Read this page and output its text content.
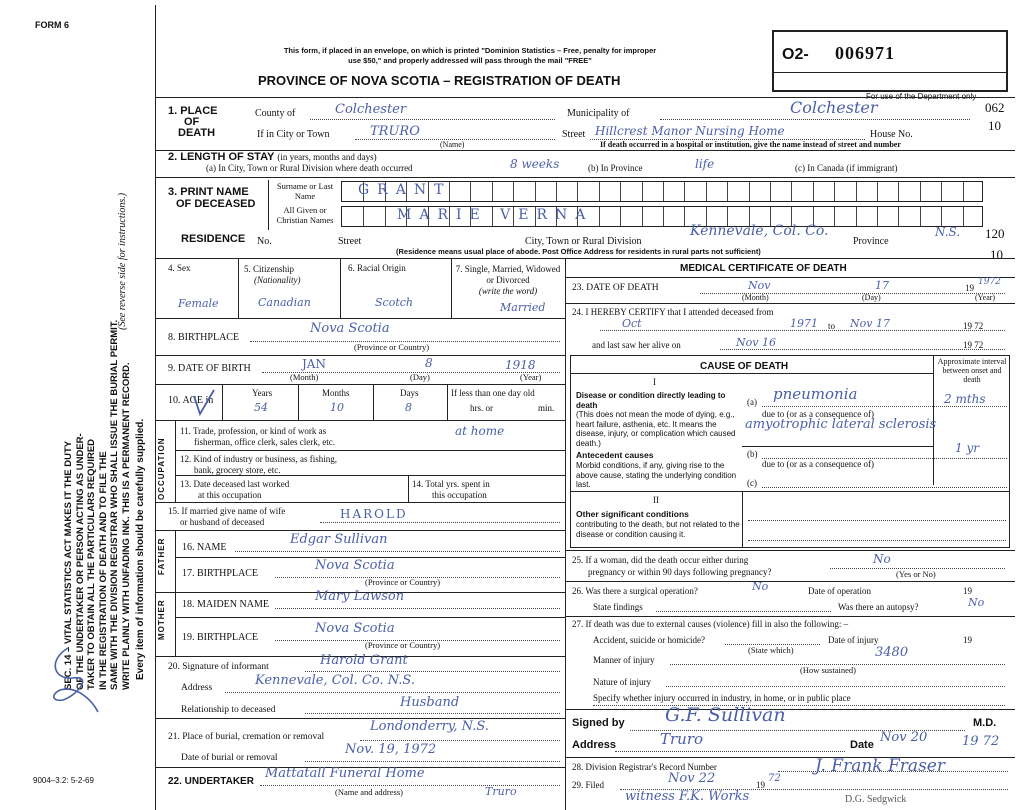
FORM 6
SEC. 14 – VITAL STATISTICS ACT MAKES IT THE DUTY OF THE UNDERTAKER OR PERSON ACTING AS UNDER- TAKER TO OBTAIN ALL THE PARTICULARS REQUIRED IN THE REGISTRATION OF DEATH AND TO FILE THE SAME WITH THE DIVISION REGISTRAR WHO SHALL ISSUE THE BURIAL PERMIT. WRITE PLAINLY WITH UNFADING INK. THIS IS A PERMANENT RECORD.
(See reverse side for instructions.)
Every item of information should be carefully supplied.
9004–3.2: 5-2-69
This form, if placed in an envelope, on which is printed "Dominion Statistics – Free, penalty for improper
use $50," and properly addressed will pass through the mail "FREE"
PROVINCE OF NOVA SCOTIA – REGISTRATION OF DEATH
O2- 006971
For use of the Department only
062
10
120
10
1. PLACE
OF
DEATH
County of	Colchester	Municipality of	Colchester
If in City or Town	TRURO
(Name)
Street Hillcrest Manor Nursing Home	House No.
If death occurred in a hospital or institution, give the name instead of street and number
2. LENGTH OF STAY (in years, months and days)
(a) In City, Town or Rural Division where death occurred	8 weeks	(b) In Province	life	(c) In Canada (if immigrant)
3. PRINT NAME
OF DECEASED
Surname or Last Name
All Given or Christian Names
GRANT
MARIE VERNA
RESIDENCE No.	Street	City, Town or Rural Division
Kennevale, Col. Co.
Province
N.S.
(Residence means usual place of abode. Post Office Address for residents in rural parts not sufficient)
4. Sex
Female
5. Citizenship
(Nationality)
Canadian
6. Racial Origin
Scotch
7. Single, Married, Widowed or Divorced
(write the word)
Married
8. BIRTHPLACE
Nova Scotia
(Province or Country)
9. DATE OF BIRTH	JAN	8	1918
(Month)	(Day)	(Year)
10. AGE in
Years	Months	Days
54	10	8
If less than one day old
hrs. or	min.
OCCUPATION
11. Trade, profession, or kind of work as
fisherman, office clerk, sales clerk, etc.
at home
12. Kind of industry or business, as fishing,
bank, grocery store, etc.
13. Date deceased last worked
at this occupation
14. Total yrs. spent in
this occupation
15. If married give name of wife
or husband of deceased
HAROLD
FATHER 16. NAME
Edgar Sullivan
17. BIRTHPLACE
Nova Scotia
(Province or Country)
MOTHER 18. MAIDEN NAME
Mary Lawson
19. BIRTHPLACE
Nova Scotia
(Province or Country)
20. Signature of informant	Harold Grant
Address	Kennevale, Col. Co. N.S.
Relationship to deceased	Husband
21. Place of burial, cremation or removal
Londonderry, N.S.
Date of burial or removal
Nov. 19, 1972
22. UNDERTAKER
Mattatall Funeral Home
Truro
(Name and address)
MEDICAL CERTIFICATE OF DEATH
23. DATE OF DEATH	Nov	17	19
1972
(Month)	(Day)	(Year)
24. I HEREBY CERTIFY that I attended deceased from
Oct	1971 to Nov 17	19 72
and last saw her alive on	Nov 16	19 72
CAUSE OF DEATH	Approximate interval between onset and death
I
Disease or condition directly leading to death
(This does not mean the mode of dying, e.g., heart failure, asthenia, etc. It means the disease, injury, or complication which caused death.)
(a) pneumonia	2 mths
due to (or as a consequence of)
amyotrophic lateral sclerosis
Antecedent causes
Morbid conditions, if any, giving rise to the above cause, stating the underlying condition last.
(b)	1 yr
due to (or as a consequence of)
(c)
II
Other significant conditions
contributing to the death, but not related to the disease or condition causing it.
25. If a woman, did the death occur either during
pregnancy or within 90 days following pregnancy?
No
(Yes or No)
26. Was there a surgical operation?	No	Date of operation	19
State findings	Was there an autopsy?	No
27. If death was due to external causes (violence) fill in also the following: –
Accident, suicide or homicide?	Date of injury	19
(State which)
Manner of injury	3480
(How sustained)
Nature of injury
Specify whether injury occurred in industry, in home, or in public place
Signed by G.F. Sullivan	M.D.
Address	Truro	Date Nov 20	19 72
28. Division Registrar's Record Number
29. Filed	Nov 22	19
72
J. Frank Fraser
witness F.K. Works	D.G. Sedgwick
